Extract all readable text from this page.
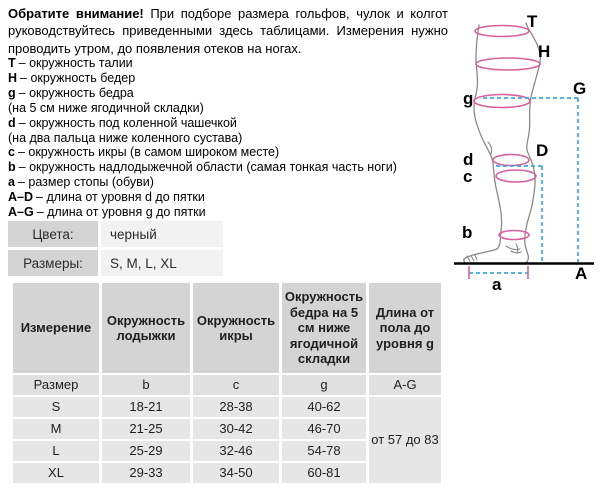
Обратите внимание! При подборе размера гольфов, чулок и колгот
руководствуйтесь приведенными здесь таблицами. Измерения нужно
проводить утром, до появления отеков на ногах.
T – окружность талии
H – окружность бедер
g – окружность бедра
(на 5 см ниже ягодичной складки)
d – окружность под коленной чашечкой
(на два пальца ниже коленного сустава)
c – окружность икры (в самом широком месте)
b – окружность надлодыжечной области (самая тонкая часть ноги)
a – размер стопы (обуви)
A–D – длина от уровня d до пятки
A–G – длина от уровня g до пятки
Цвета:	черный
Размеры:	S, M, L, XL
Измерение	Окружность лодыжки	Окружность икры	Окружность бедра на 5 см ниже ягодичной складки	Длина от пола до уровня g
Размер	b	c	g	A-G
S	18-21	28-38	40-62	от 57 до 83
M	21-25	30-42	46-70	
L	25-29	32-46	54-78	
XL	29-33	34-50	60-81	
T
H
G
g
D
d
c
b
A
a
